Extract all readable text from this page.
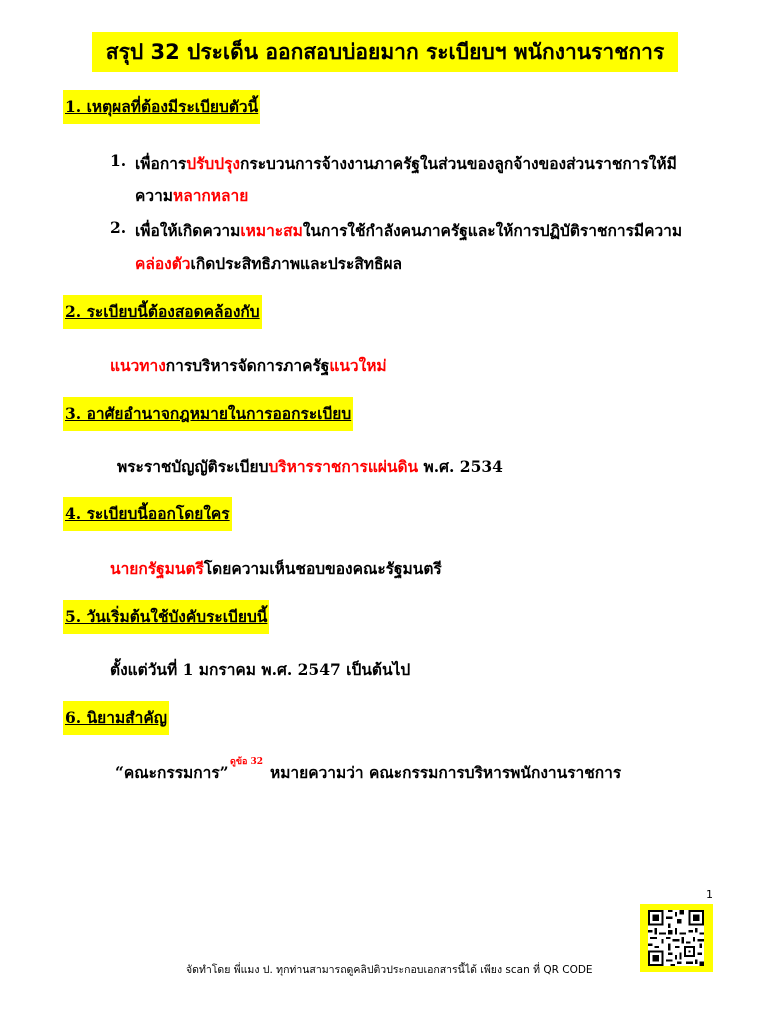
สรุป 32 ประเด็น ออกสอบบ่อยมาก ระเบียบฯ พนักงานราชการ
1. เหตุผลที่ต้องมีระเบียบตัวนี้
1. เพื่อการปรับปรุงกระบวนการจ้างงานภาครัฐในส่วนของลูกจ้างของส่วนราชการให้มี
ความหลากหลาย
2. เพื่อให้เกิดความเหมาะสมในการใช้กำลังคนภาครัฐและให้การปฏิบัติราชการมีความ
คล่องตัวเกิดประสิทธิภาพและประสิทธิผล
2. ระเบียบนี้ต้องสอดคล้องกับ
แนวทางการบริหารจัดการภาครัฐแนวใหม่
3. อาศัยอำนาจกฎหมายในการออกระเบียบ
พระราชบัญญัติระเบียบบริหารราชการแผ่นดิน พ.ศ. 2534
4. ระเบียบนี้ออกโดยใคร
นายกรัฐมนตรีโดยความเห็นชอบของคณะรัฐมนตรี
5. วันเริ่มต้นใช้บังคับระเบียบนี้
ตั้งแต่วันที่ 1 มกราคม พ.ศ. 2547 เป็นต้นไป
6. นิยามสำคัญ
“คณะกรรมการ”
ดูข้อ 32
หมายความว่า คณะกรรมการบริหารพนักงานราชการ
1
จัดทำโดย พี่แมง ป. ทุกท่านสามารถดูคลิปติวประกอบเอกสารนี้ได้ เพียง scan ที่ QR CODE
